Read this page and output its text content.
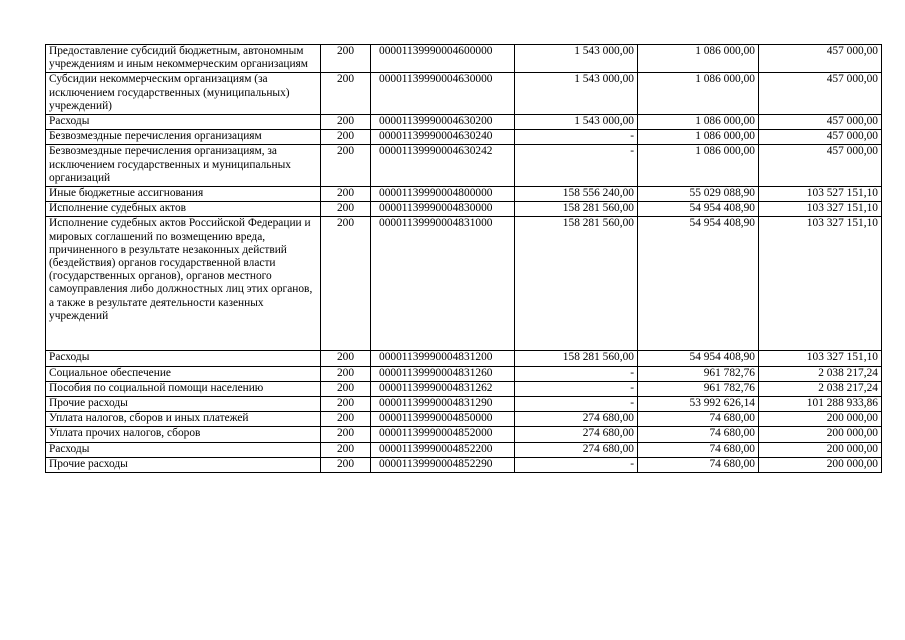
Предоставление субсидий бюджетным, автономным учреждениям и иным некоммерческим организациям	200	00001139990004600000	1 543 000,00	1 086 000,00	457 000,00
Субсидии некоммерческим организациям (за исключением государственных (муниципальных) учреждений)	200	00001139990004630000	1 543 000,00	1 086 000,00	457 000,00
Расходы	200	00001139990004630200	1 543 000,00	1 086 000,00	457 000,00
Безвозмездные перечисления организациям	200	00001139990004630240	-	1 086 000,00	457 000,00
Безвозмездные перечисления организациям, за исключением государственных и муниципальных организаций	200	00001139990004630242	-	1 086 000,00	457 000,00
Иные бюджетные ассигнования	200	00001139990004800000	158 556 240,00	55 029 088,90	103 527 151,10
Исполнение судебных актов	200	00001139990004830000	158 281 560,00	54 954 408,90	103 327 151,10
Исполнение судебных актов Российской Федерации и мировых соглашений по возмещению вреда, причиненного в результате незаконных действий (бездействия) органов государственной власти (государственных органов), органов местного самоуправления либо должностных лиц этих органов, а также в результате деятельности казенных учреждений	200	00001139990004831000	158 281 560,00	54 954 408,90	103 327 151,10
Расходы	200	00001139990004831200	158 281 560,00	54 954 408,90	103 327 151,10
Социальное обеспечение	200	00001139990004831260	-	961 782,76	2 038 217,24
Пособия по социальной помощи населению	200	00001139990004831262	-	961 782,76	2 038 217,24
Прочие расходы	200	00001139990004831290	-	53 992 626,14	101 288 933,86
Уплата налогов, сборов и иных платежей	200	00001139990004850000	274 680,00	74 680,00	200 000,00
Уплата прочих налогов, сборов	200	00001139990004852000	274 680,00	74 680,00	200 000,00
Расходы	200	00001139990004852200	274 680,00	74 680,00	200 000,00
Прочие расходы	200	00001139990004852290	-	74 680,00	200 000,00
